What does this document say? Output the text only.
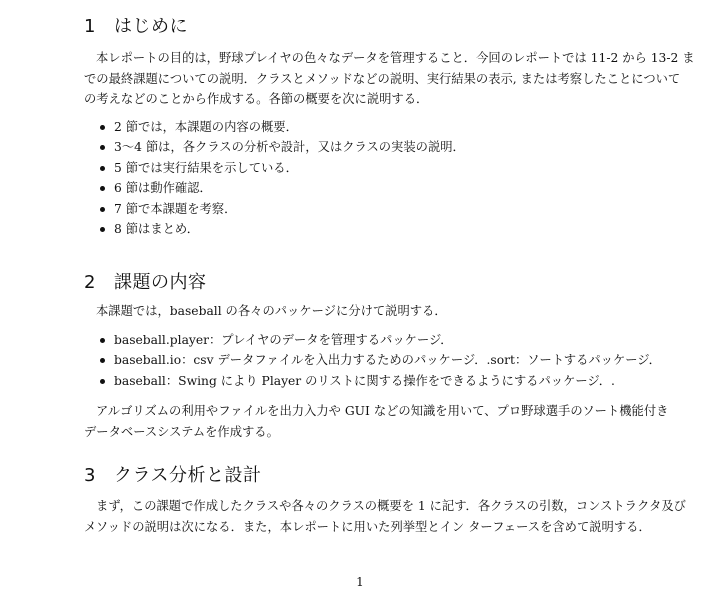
1 はじめに

本レポートの目的は，野球プレイヤの色々なデータを管理すること．今回のレポートでは 11-2 から 13-2 ま
での最終課題についての説明．クラスとメソッドなどの説明、実行結果の表示, または考察したことについて
の考えなどのことから作成する。各節の概要を次に説明する．

2 節では，本課題の内容の概要．
3〜4 節は，各クラスの分析や設計，又はクラスの実装の説明．
5 節では実行結果を示している．
6 節は動作確認．
7 節で本課題を考察．
8 節はまとめ．
2 課題の内容

本課題では，baseball の各々のパッケージに分けて説明する．

baseball.player：プレイヤのデータを管理するパッケージ．
baseball.io：csv データファイルを入出力するためのパッケージ．.sort：ソートするパッケージ．
baseball：Swing により Player のリストに関する操作をできるようにするパッケージ．.

アルゴリズムの利用やファイルを出力入力や GUI などの知識を用いて、プロ野球選手のソート機能付き
データベースシステムを作成する。

3 クラス分析と設計

まず，この課題で作成したクラスや各々のクラスの概要を 1 に記す．各クラスの引数，コンストラクタ及び
メソッドの説明は次になる．また，本レポートに用いた列挙型とイン ターフェースを含めて説明する．

1
